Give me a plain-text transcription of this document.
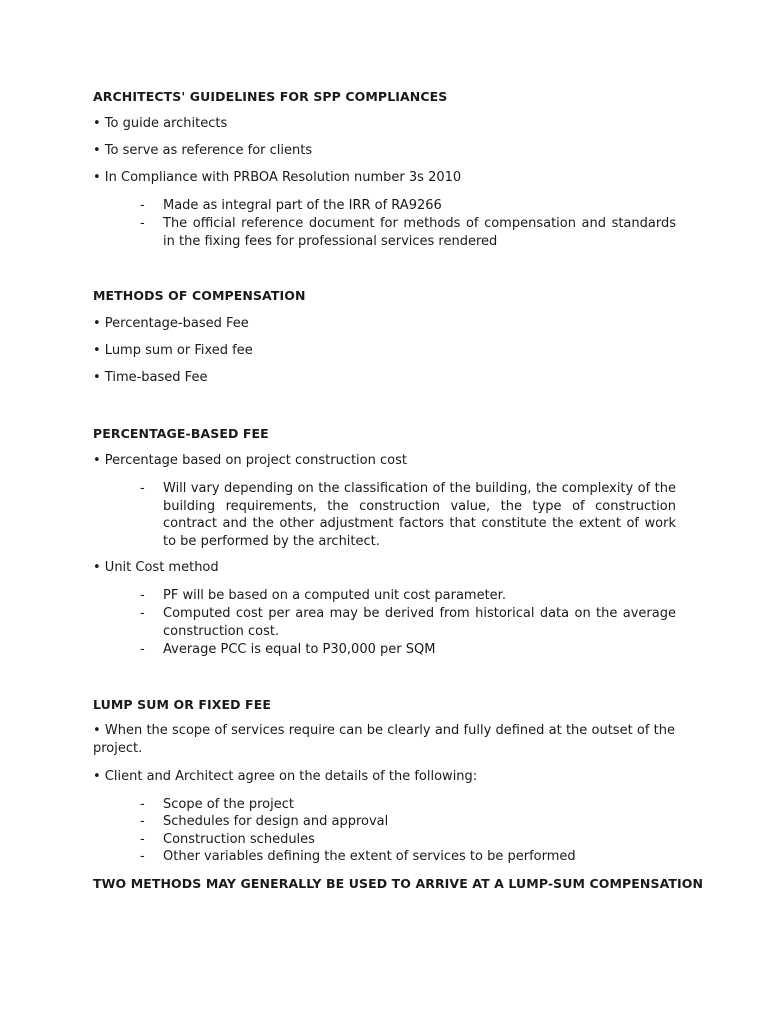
ARCHITECTS' GUIDELINES FOR SPP COMPLIANCES
• To guide architects
• To serve as reference for clients
• In Compliance with PRBOA Resolution number 3s 2010
- Made as integral part of the IRR of RA9266
- The official reference document for methods of compensation and standards in the fixing fees for professional services rendered
METHODS OF COMPENSATION
• Percentage-based Fee
• Lump sum or Fixed fee
• Time-based Fee
PERCENTAGE-BASED FEE
• Percentage based on project construction cost
- Will vary depending on the classification of the building, the complexity of the building requirements, the construction value, the type of construction contract and the other adjustment factors that constitute the extent of work to be performed by the architect.
• Unit Cost method
- PF will be based on a computed unit cost parameter.
- Computed cost per area may be derived from historical data on the average construction cost.
- Average PCC is equal to P30,000 per SQM
LUMP SUM OR FIXED FEE
• When the scope of services require can be clearly and fully defined at the outset of the project.
• Client and Architect agree on the details of the following:
- Scope of the project
- Schedules for design and approval
- Construction schedules
- Other variables defining the extent of services to be performed
TWO METHODS MAY GENERALLY BE USED TO ARRIVE AT A LUMP-SUM COMPENSATION
